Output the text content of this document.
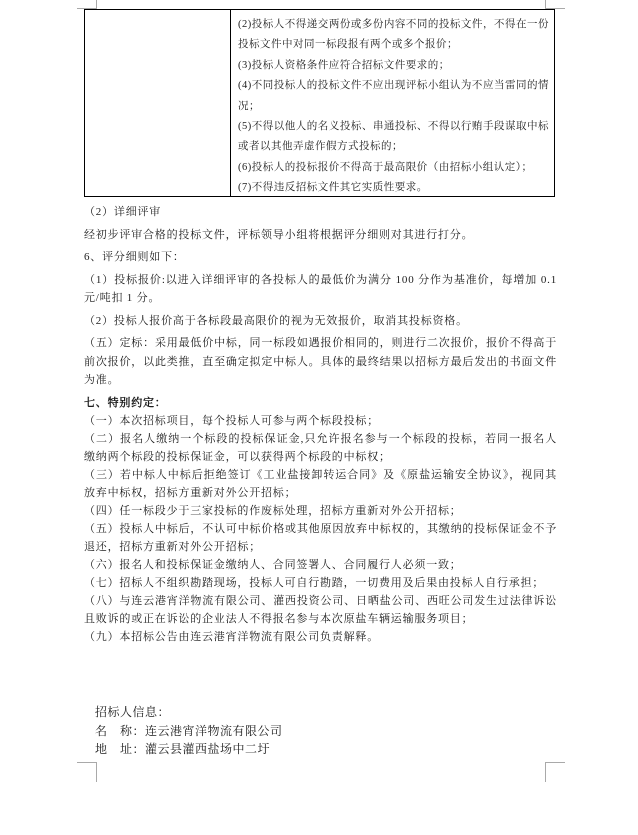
(2)投标人不得递交两份或多份内容不同的投标文件，不得在一份投标文件中对同一标段报有两个或多个报价；
(3)投标人资格条件应符合招标文件要求的；
(4)不同投标人的投标文件不应出现评标小组认为不应当雷同的情况；
(5)不得以他人的名义投标、串通投标、不得以行贿手段谋取中标或者以其他弄虚作假方式投标的；
(6)投标人的投标报价不得高于最高限价（由招标小组认定）；
(7)不得违反招标文件其它实质性要求。
（2）详细评审
经初步评审合格的投标文件，评标领导小组将根据评分细则对其进行打分。
6、评分细则如下：
（1）投标报价:以进入详细评审的各投标人的最低价为满分 100 分作为基准价，每增加 0.1 元/吨扣 1 分。
（2）投标人报价高于各标段最高限价的视为无效报价，取消其投标资格。
（五）定标：采用最低价中标，同一标段如遇报价相同的，则进行二次报价，报价不得高于前次报价，以此类推，直至确定拟定中标人。具体的最终结果以招标方最后发出的书面文件为准。
七、特别约定：
（一）本次招标项目，每个投标人可参与两个标段投标；
（二）报名人缴纳一个标段的投标保证金,只允许报名参与一个标段的投标，若同一报名人缴纳两个标段的投标保证金，可以获得两个标段的中标权；
（三）若中标人中标后拒绝签订《工业盐接卸转运合同》及《原盐运输安全协议》，视同其放弃中标权，招标方重新对外公开招标；
（四）任一标段少于三家投标的作废标处理，招标方重新对外公开招标；
（五）投标人中标后，不认可中标价格或其他原因放弃中标权的，其缴纳的投标保证金不予退还，招标方重新对外公开招标；
（六）报名人和投标保证金缴纳人、合同签署人、合同履行人必须一致；
（七）招标人不组织勘踏现场，投标人可自行勘踏，一切费用及后果由投标人自行承担；
（八）与连云港宵洋物流有限公司、灌西投资公司、日晒盐公司、西旺公司发生过法律诉讼且败诉的或正在诉讼的企业法人不得报名参与本次原盐车辆运输服务项目；
（九）本招标公告由连云港宵洋物流有限公司负责解释。
招标人信息：
名　称：连云港宵洋物流有限公司
地　址：灌云县灌西盐场中二圩
